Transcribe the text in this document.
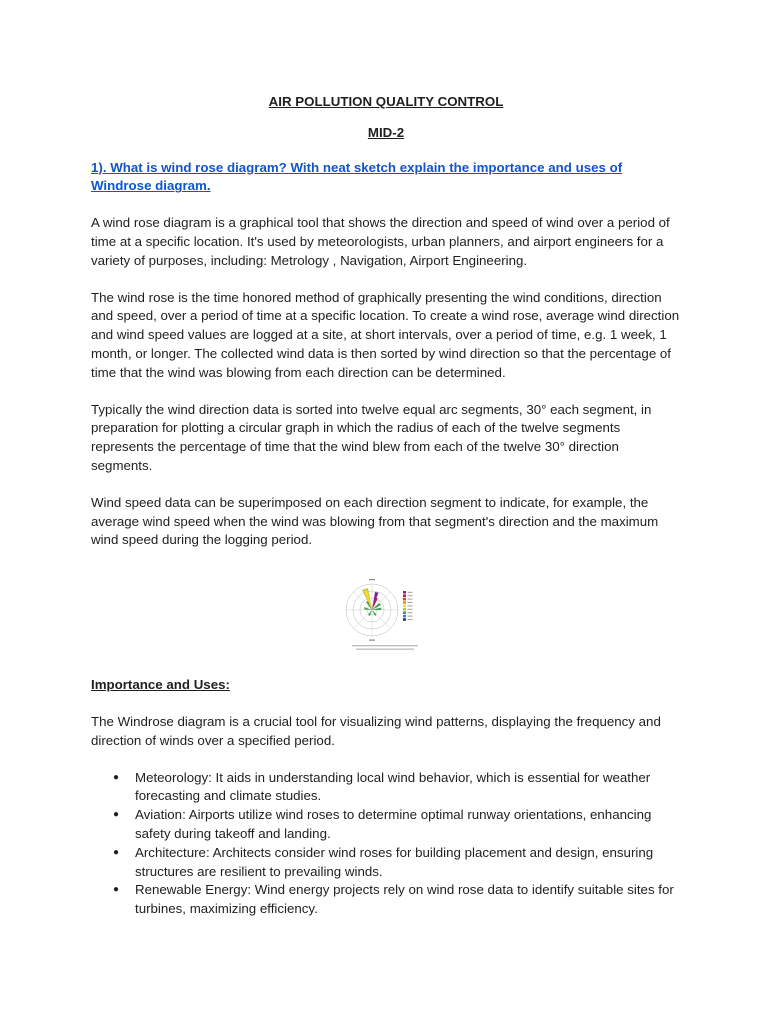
AIR POLLUTION QUALITY CONTROL

MID-2

1). What is wind rose diagram? With neat sketch explain the importance and uses of Windrose diagram.

A wind rose diagram is a graphical tool that shows the direction and speed of wind over a period of time at a specific location. It's used by meteorologists, urban planners, and airport engineers for a variety of purposes, including: Metrology , Navigation, Airport Engineering.

The wind rose is the time honored method of graphically presenting the wind conditions, direction and speed, over a period of time at a specific location. To create a wind rose, average wind direction and wind speed values are logged at a site, at short intervals, over a period of time, e.g. 1 week, 1 month, or longer. The collected wind data is then sorted by wind direction so that the percentage of time that the wind was blowing from each direction can be determined.

Typically the wind direction data is sorted into twelve equal arc segments, 30° each segment, in preparation for plotting a circular graph in which the radius of each of the twelve segments represents the percentage of time that the wind blew from each of the twelve 30° direction segments.

Wind speed data can be superimposed on each direction segment to indicate, for example, the average wind speed when the wind was blowing from that segment's direction and the maximum wind speed during the logging period.

Importance and Uses:

The Windrose diagram is a crucial tool for visualizing wind patterns, displaying the frequency and direction of winds over a specified period.

● Meteorology: It aids in understanding local wind behavior, which is essential for weather forecasting and climate studies.
● Aviation: Airports utilize wind roses to determine optimal runway orientations, enhancing safety during takeoff and landing.
● Architecture: Architects consider wind roses for building placement and design, ensuring structures are resilient to prevailing winds.
● Renewable Energy: Wind energy projects rely on wind rose data to identify suitable sites for turbines, maximizing efficiency.
